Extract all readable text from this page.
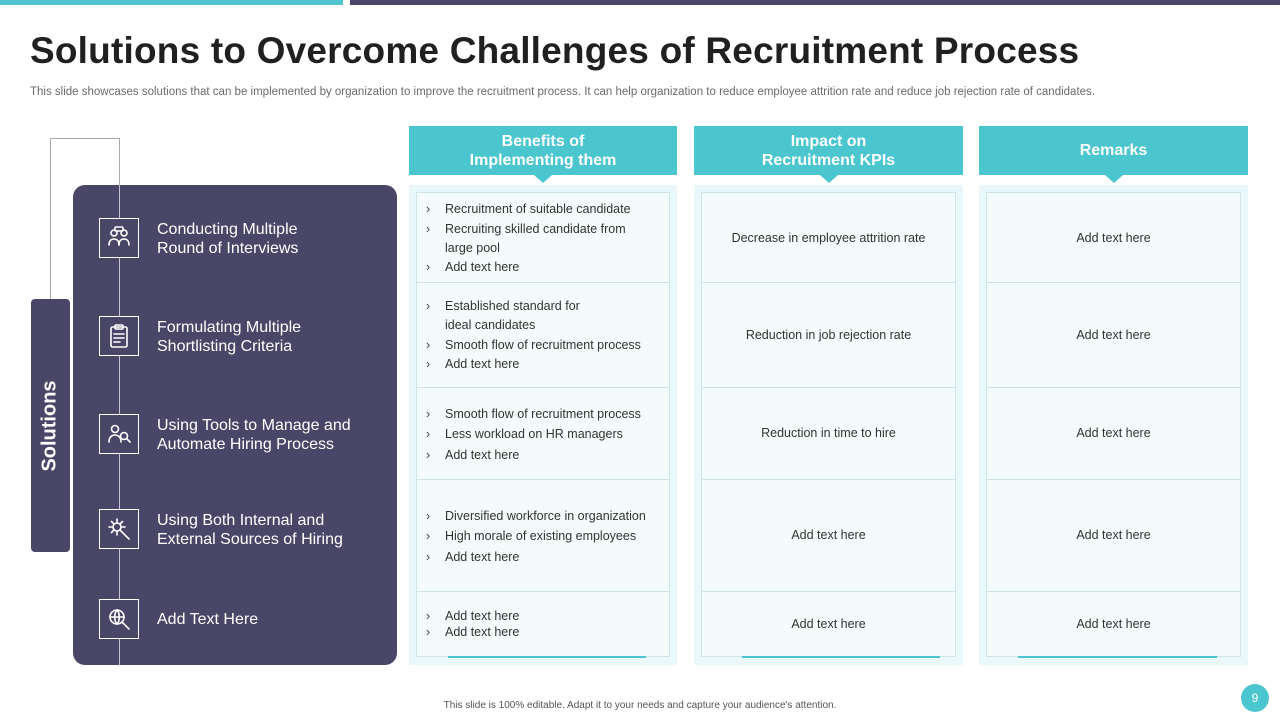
Solutions to Overcome Challenges of Recruitment Process
This slide showcases solutions that can be implemented by organization to improve the recruitment process. It can help organization to reduce employee attrition rate and reduce job rejection rate of candidates.
Solutions
Conducting Multiple
Round of Interviews
Formulating Multiple
Shortlisting Criteria
Using Tools to Manage and
Automate Hiring Process
Using Both Internal and
External Sources of Hiring
Add Text Here
Benefits of
Implementing them
Impact on
Recruitment KPIs
Remarks
› Recruitment of suitable candidate
› Recruiting skilled candidate from
large pool
› Add text here
› Established standard for
ideal candidates
› Smooth flow of recruitment process
› Add text here
› Smooth flow of recruitment process
› Less workload on HR managers
› Add text here
› Diversified workforce in organization
› High morale of existing employees
› Add text here
› Add text here
› Add text here
Decrease in employee attrition rate
Reduction in job rejection rate
Reduction in time to hire
Add text here
Add text here
Add text here
Add text here
Add text here
Add text here
Add text here
This slide is 100% editable. Adapt it to your needs and capture your audience's attention.
9
